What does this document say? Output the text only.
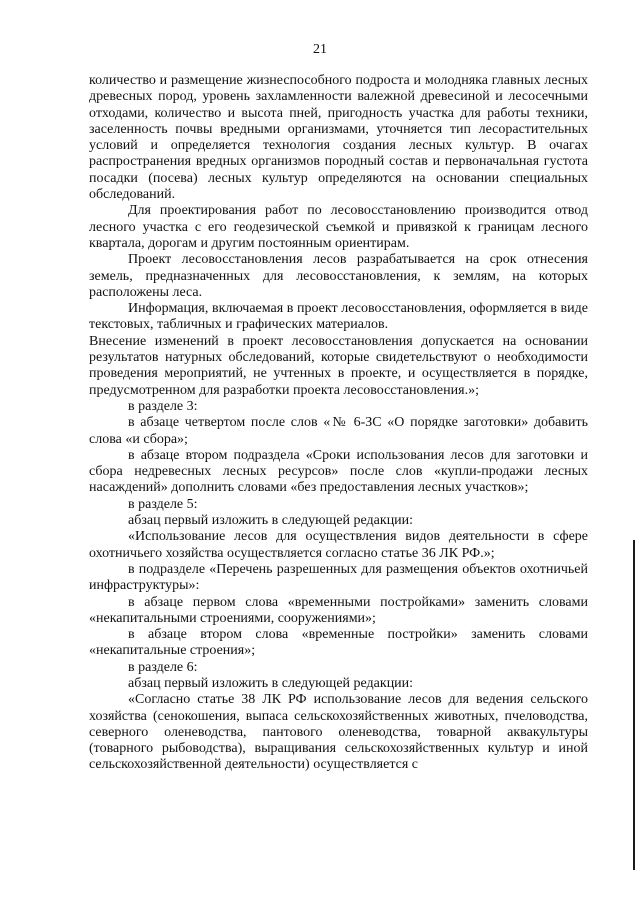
21

количество и размещение жизнеспособного подроста и молодняка главных лесных древесных пород, уровень захламленности валежной древесиной и лесосечными отходами, количество и высота пней, пригодность участка для работы техники, заселенность почвы вредными организмами, уточняется тип лесорастительных условий и определяется технология создания лесных культур. В очагах распространения вредных организмов породный состав и первоначальная густота посадки (посева) лесных культур определяются на основании специальных обследований.

Для проектирования работ по лесовосстановлению производится отвод лесного участка с его геодезической съемкой и привязкой к границам лесного квартала, дорогам и другим постоянным ориентирам.

Проект лесовосстановления лесов разрабатывается на срок отнесения земель, предназначенных для лесовосстановления, к землям, на которых расположены леса.

Информация, включаемая в проект лесовосстановления, оформляется в виде текстовых, табличных и графических материалов.

Внесение изменений в проект лесовосстановления допускается на основании результатов натурных обследований, которые свидетельствуют о необходимости проведения мероприятий, не учтенных в проекте, и осуществляется в порядке, предусмотренном для разработки проекта лесовосстановления.»;

в разделе 3:

в абзаце четвертом после слов «№ 6-ЗС «О порядке заготовки» добавить слова «и сбора»;

в абзаце втором подраздела «Сроки использования лесов для заготовки и сбора недревесных лесных ресурсов» после слов «купли-продажи лесных насаждений» дополнить словами «без предоставления лесных участков»;

в разделе 5:

абзац первый изложить в следующей редакции:

«Использование лесов для осуществления видов деятельности в сфере охотничьего хозяйства осуществляется согласно статье 36 ЛК РФ.»;

в подразделе «Перечень разрешенных для размещения объектов охотничьей инфраструктуры»:

в абзаце первом слова «временными постройками» заменить словами «некапитальными строениями, сооружениями»;

в абзаце втором слова «временные постройки» заменить словами «некапитальные строения»;

в разделе 6:

абзац первый изложить в следующей редакции:

«Согласно статье 38 ЛК РФ использование лесов для ведения сельского хозяйства (сенокошения, выпаса сельскохозяйственных животных, пчеловодства, северного оленеводства, пантового оленеводства, товарной аквакультуры (товарного рыбоводства), выращивания сельскохозяйственных культур и иной сельскохозяйственной деятельности) осуществляется с
